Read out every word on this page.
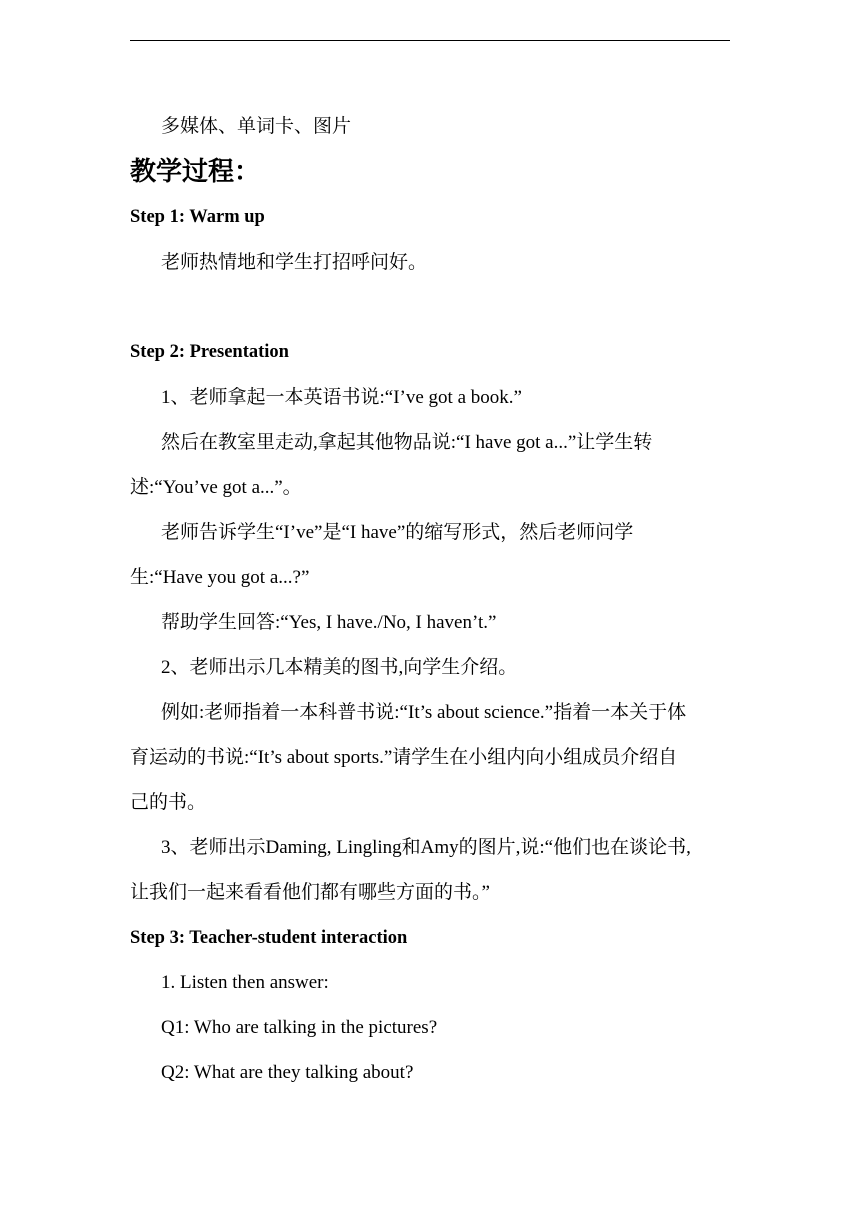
多媒体、单词卡、图片
教学过程：
Step 1: Warm up
老师热情地和学生打招呼问好。
Step 2: Presentation
1、老师拿起一本英语书说:“I’ve got a book.”
然后在教室里走动,拿起其他物品说:“I have got a...”让学生转
述:“You’ve got a...”。
老师告诉学生“I’ve”是“I have”的缩写形式，然后老师问学
生:“Have you got a...?”
帮助学生回答:“Yes, I have./No, I haven’t.”
2、老师出示几本精美的图书,向学生介绍。
例如:老师指着一本科普书说:“It’s about science.”指着一本关于体
育运动的书说:“It’s about sports.”请学生在小组内向小组成员介绍自
己的书。
3、老师出示Daming, Lingling和Amy的图片,说:“他们也在谈论书,
让我们一起来看看他们都有哪些方面的书。”
Step 3: Teacher-student interaction
1. Listen then answer:
Q1: Who are talking in the pictures?
Q2: What are they talking about?
